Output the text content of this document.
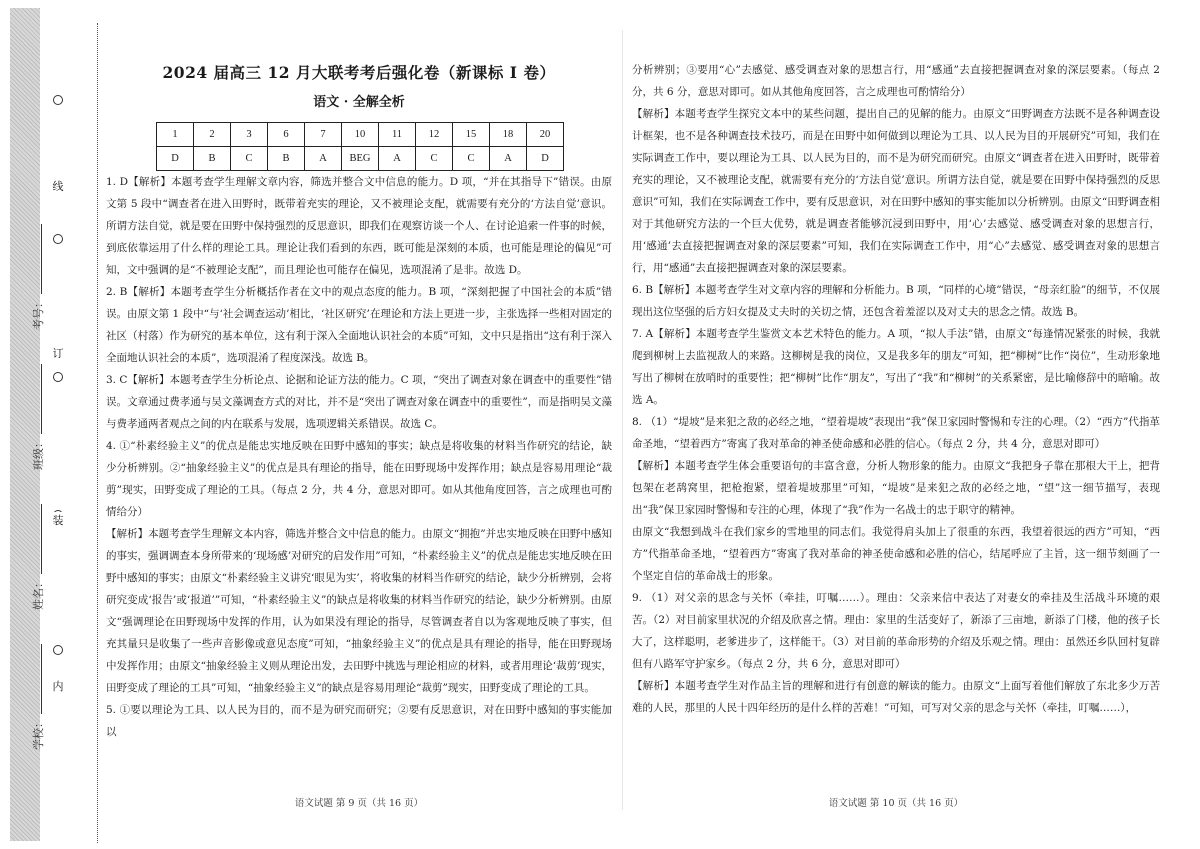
线
订
装
内
考号：
班级：
姓名：
学校：
2024 届高三 12 月大联考考后强化卷（新课标 I 卷）
语文 · 全解全析
1	2	3	6	7	10	11	12	15	18	20
D	B	C	B	A	BEG	A	C	C	A	D

1. D【解析】本题考查学生理解文章内容，筛选并整合文中信息的能力。D 项，“并在其指导下”错误。由原文第 5 段中“调查者在进入田野时，既带着充实的理论，又不被理论支配，就需要有充分的‘方法自觉’意识。所谓方法自觉，就是要在田野中保持强烈的反思意识，即我们在观察访谈一个人、在讨论追索一件事的时候，到底依靠运用了什么样的理论工具。理论让我们看到的东西，既可能是深刻的本质，也可能是理论的偏见”可知，文中强调的是“不被理论支配”，而且理论也可能存在偏见，选项混淆了是非。故选 D。

2. B【解析】本题考查学生分析概括作者在文中的观点态度的能力。B 项，“深刻把握了中国社会的本质”错误。由原文第 1 段中“与‘社会调查运动’相比，‘社区研究’在理论和方法上更进一步，主张选择一些相对固定的社区（村落）作为研究的基本单位，这有利于深入全面地认识社会的本质”可知，文中只是指出“这有利于深入全面地认识社会的本质”，选项混淆了程度深浅。故选 B。

3. C【解析】本题考查学生分析论点、论据和论证方法的能力。C 项，“突出了调查对象在调查中的重要性”错误。文章通过费孝通与吴文藻调查方式的对比，并不是“突出了调查对象在调查中的重要性”，而是指明吴文藻与费孝通两者观点之间的内在联系与发展，选项逻辑关系错误。故选 C。

4. ①“朴素经验主义”的优点是能忠实地反映在田野中感知的事实；缺点是将收集的材料当作研究的结论，缺少分析辨别。②“抽象经验主义”的优点是具有理论的指导，能在田野现场中发挥作用；缺点是容易用理论“裁剪”现实，田野变成了理论的工具。（每点 2 分，共 4 分，意思对即可。如从其他角度回答，言之成理也可酌情给分）

【解析】本题考查学生理解文本内容，筛选并整合文中信息的能力。由原文“拥抱”并忠实地反映在田野中感知的事实，强调调查本身所带来的‘现场感’对研究的启发作用”可知，“朴素经验主义”的优点是能忠实地反映在田野中感知的事实；由原文“朴素经验主义讲究‘眼见为实’，将收集的材料当作研究的结论，缺少分析辨别，会将研究变成‘报告’或‘报道’”可知，“朴素经验主义”的缺点是将收集的材料当作研究的结论，缺少分析辨别。由原文“强调理论在田野现场中发挥的作用，认为如果没有理论的指导，尽管调查者自以为客观地反映了事实，但充其量只是收集了一些声音影像或意见态度”可知，“抽象经验主义”的优点是具有理论的指导，能在田野现场中发挥作用；由原文“抽象经验主义则从理论出发，去田野中挑选与理论相应的材料，或者用理论‘裁剪’现实，田野变成了理论的工具”可知，“抽象经验主义”的缺点是容易用理论“裁剪”现实，田野变成了理论的工具。

5. ①要以理论为工具、以人民为目的，而不是为研究而研究；②要有反思意识，对在田野中感知的事实能加以

语文试题 第 9 页（共 16 页）

分析辨别；③要用“心”去感觉、感受调查对象的思想言行，用“感通”去直接把握调查对象的深层要素。（每点 2 分，共 6 分，意思对即可。如从其他角度回答，言之成理也可酌情给分）

【解析】本题考查学生探究文本中的某些问题，提出自己的见解的能力。由原文“田野调查方法既不是各种调查设计框架，也不是各种调查技术技巧，而是在田野中如何做到以理论为工具、以人民为目的开展研究”可知，我们在实际调查工作中，要以理论为工具、以人民为目的，而不是为研究而研究。由原文“调查者在进入田野时，既带着充实的理论，又不被理论支配，就需要有充分的‘方法自觉’意识。所谓方法自觉，就是要在田野中保持强烈的反思意识”可知，我们在实际调查工作中，要有反思意识，对在田野中感知的事实能加以分析辨别。由原文“田野调查相对于其他研究方法的一个巨大优势，就是调查者能够沉浸到田野中，用‘心’去感觉、感受调查对象的思想言行，用‘感通’去直接把握调查对象的深层要素”可知，我们在实际调查工作中，用“心”去感觉、感受调查对象的思想言行，用“感通”去直接把握调查对象的深层要素。

6. B【解析】本题考查学生对文章内容的理解和分析能力。B 项，“同样的心境”错误，“母亲红脸”的细节，不仅展现出这位坚强的后方妇女提及丈夫时的关切之情，还包含着羞涩以及对丈夫的思念之情。故选 B。

7. A【解析】本题考查学生鉴赏文本艺术特色的能力。A 项，“拟人手法”错，由原文“每逢情况紧张的时候，我就爬到柳树上去监视敌人的来路。这柳树是我的岗位，又是我多年的朋友”可知，把“柳树”比作“岗位”，生动形象地写出了柳树在放哨时的重要性；把“柳树”比作“朋友”，写出了“我”和“柳树”的关系紧密，是比喻修辞中的暗喻。故选 A。

8. （1）“堤坡”是来犯之敌的必经之地，“望着堤坡”表现出“我”保卫家园时警惕和专注的心理。（2）“西方”代指革命圣地，“望着西方”寄寓了我对革命的神圣使命感和必胜的信心。（每点 2 分，共 4 分，意思对即可）

【解析】本题考查学生体会重要语句的丰富含意，分析人物形象的能力。由原文“我把身子靠在那根大干上，把背包架在老鸹窝里，把枪抱紧，望着堤坡那里”可知，“堤坡”是来犯之敌的必经之地，“望”这一细节描写，表现出“我”保卫家园时警惕和专注的心理，体现了“我”作为一名战士的忠于职守的精神。

由原文“我想到战斗在我们家乡的雪地里的同志们。我觉得肩头加上了很重的东西，我望着很远的西方”可知，“西方”代指革命圣地，“望着西方”寄寓了我对革命的神圣使命感和必胜的信心，结尾呼应了主旨，这一细节刻画了一个坚定自信的革命战士的形象。

9. （1）对父亲的思念与关怀（牵挂，叮嘱……）。理由：父亲来信中表达了对妻女的牵挂及生活战斗环境的艰苦。（2）对目前家里状况的介绍及欣喜之情。理由：家里的生活变好了，新添了三亩地，新添了门楼，他的孩子长大了，这样聪明，老爹进步了，这样能干。（3）对目前的革命形势的介绍及乐观之情。理由：虽然还乡队回村复辟但有八路军守护家乡。（每点 2 分，共 6 分，意思对即可）

【解析】本题考查学生对作品主旨的理解和进行有创意的解读的能力。由原文“上面写着他们解放了东北多少万苦难的人民，那里的人民十四年经历的是什么样的苦难！”可知，可写对父亲的思念与关怀（牵挂，叮嘱……），

语文试题 第 10 页（共 16 页）
